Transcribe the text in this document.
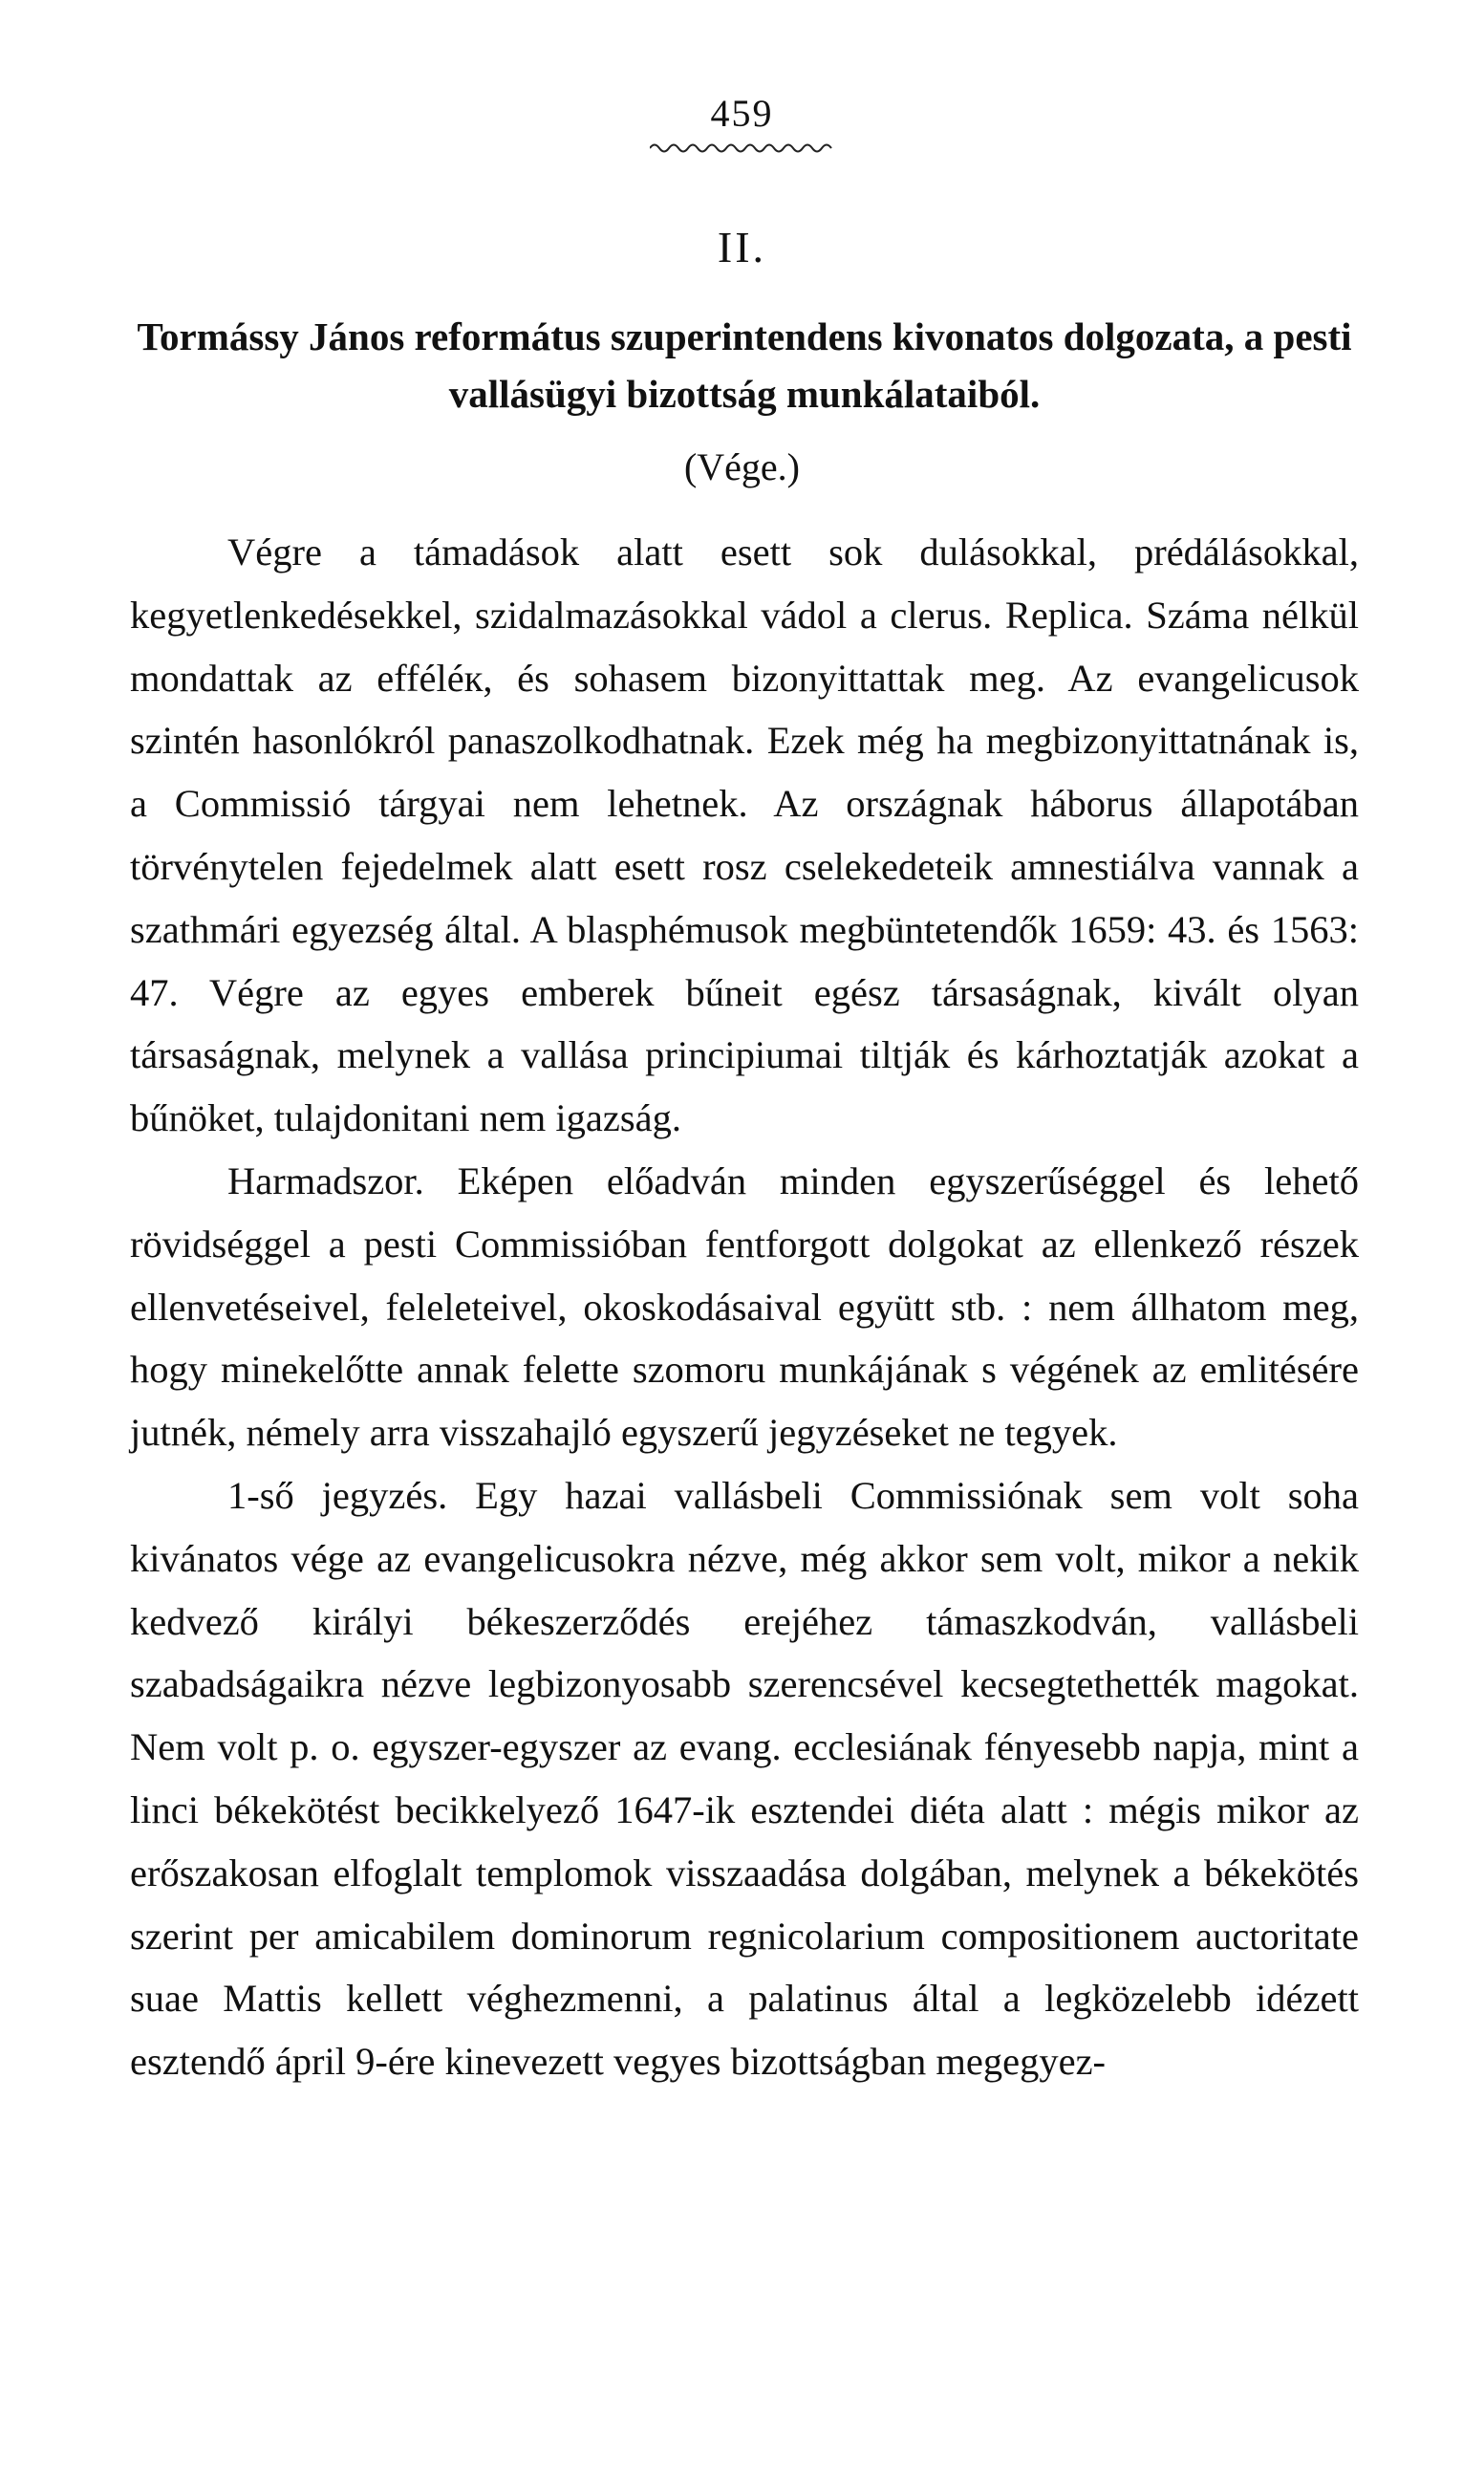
459
II.
Tormássy János református szuperintendens kivonatos dolgozata, a pesti vallásügyi bizottság munkálataiból.
(Vége.)

Végre a támadások alatt esett sok dulásokkal, prédálásokkal, kegyetlenkedésekkel, szidalmazásokkal vádol a clerus. Replica. Száma nélkül mondattak az efféléк, és sohasem bizonyittattak meg. Az evangelicusok szintén hasonlókról panaszolkodhatnak. Ezek még ha megbizonyittatnának is, a Commissió tárgyai nem lehetnek. Az országnak háborus állapotában törvénytelen fejedelmek alatt esett rosz cselekedeteik amnestiálva vannak a szathmári egyezség által. A blasphémusok megbüntetendők 1659: 43. és 1563: 47. Végre az egyes emberek bűneit egész társaságnak, kivált olyan társaságnak, melynek a vallása principiumai tiltják és kárhoztatják azokat a bűnöket, tulajdonitani nem igazság.

Harmadszor. Eképen előadván minden egyszerűséggel és lehető rövidséggel a pesti Commissióban fentforgott dolgokat az ellenkező részek ellenvetéseivel, feleleteivel, okoskodásaival együtt stb. : nem állhatom meg, hogy minekelőtte annak felette szomoru munkájának s végének az emlitésére jutnék, némely arra visszahajló egyszerű jegyzéseket ne tegyek.

1-ső jegyzés. Egy hazai vallásbeli Commissiónak sem volt soha kivánatos vége az evangelicusokra nézve, még akkor sem volt, mikor a nekik kedvező királyi békeszerződés erejéhez támaszkodván, vallásbeli szabadságaikra nézve legbizonyosabb szerencsével kecsegtethették magokat. Nem volt p. o. egyszer-egyszer az evang. ecclesiának fényesebb napja, mint a linci békekötést becikkelyező 1647-ik esztendei diéta alatt : mégis mikor az erőszakosan elfoglalt templomok visszaadása dolgában, melynek a békekötés szerint per amicabilem dominorum regnicolarium compositionem auctoritate suae Mattis kellett véghezmenni, a palatinus által a legközelebb idézett esztendő ápril 9-ére kinevezett vegyes bizottságban megegyez-
